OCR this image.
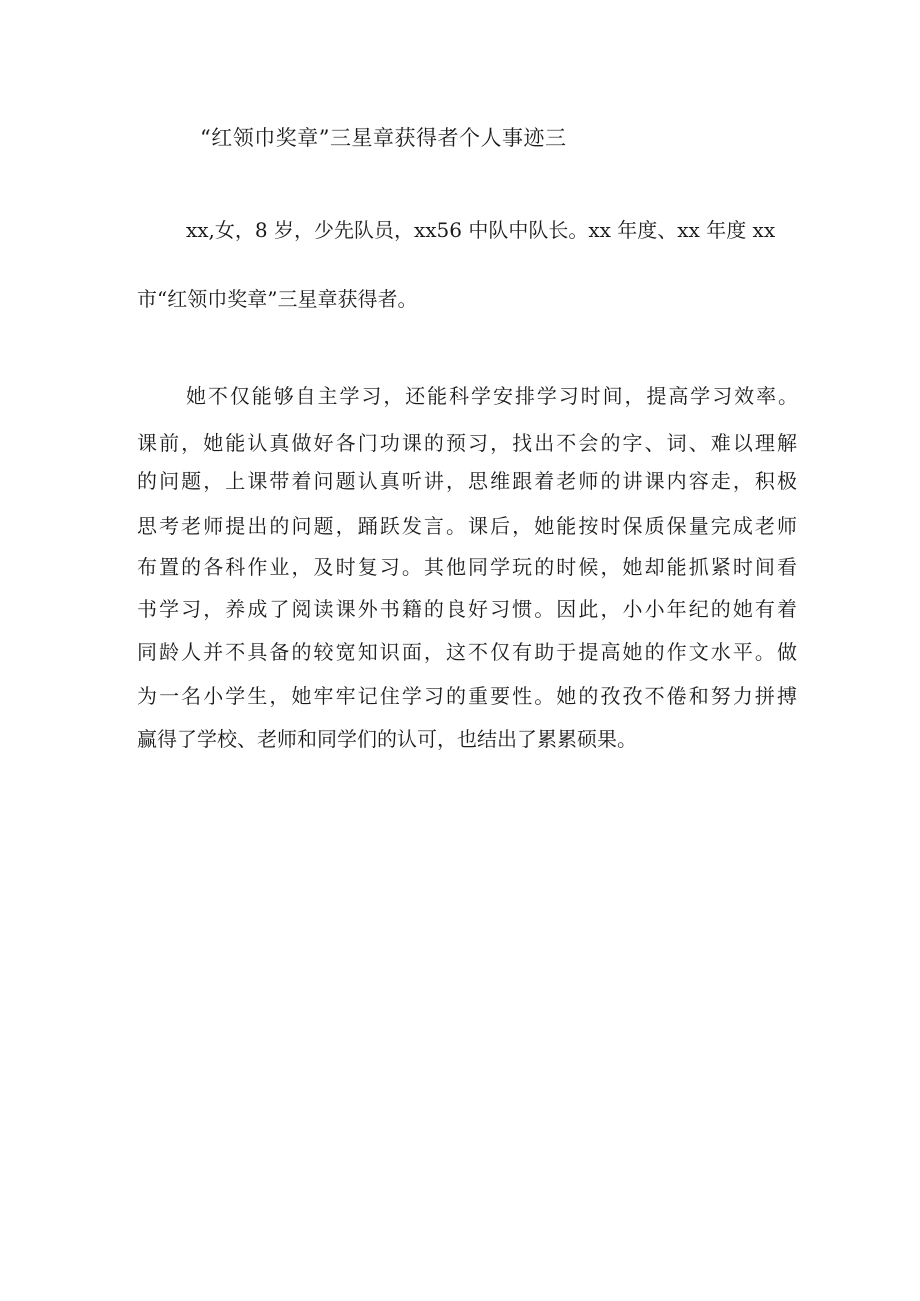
“红领巾奖章”三星章获得者个人事迹三
xx,女，8 岁，少先队员，xx56 中队中队长。xx 年度、xx 年度 xx
市“红领巾奖章”三星章获得者。
她不仅能够自主学习，还能科学安排学习时间，提高学习效率。
课前，她能认真做好各门功课的预习，找出不会的字、词、难以理解
的问题，上课带着问题认真听讲，思维跟着老师的讲课内容走，积极
思考老师提出的问题，踊跃发言。课后，她能按时保质保量完成老师
布置的各科作业，及时复习。其他同学玩的时候，她却能抓紧时间看
书学习，养成了阅读课外书籍的良好习惯。因此，小小年纪的她有着
同龄人并不具备的较宽知识面，这不仅有助于提高她的作文水平。做
为一名小学生，她牢牢记住学习的重要性。她的孜孜不倦和努力拼搏
赢得了学校、老师和同学们的认可，也结出了累累硕果。
